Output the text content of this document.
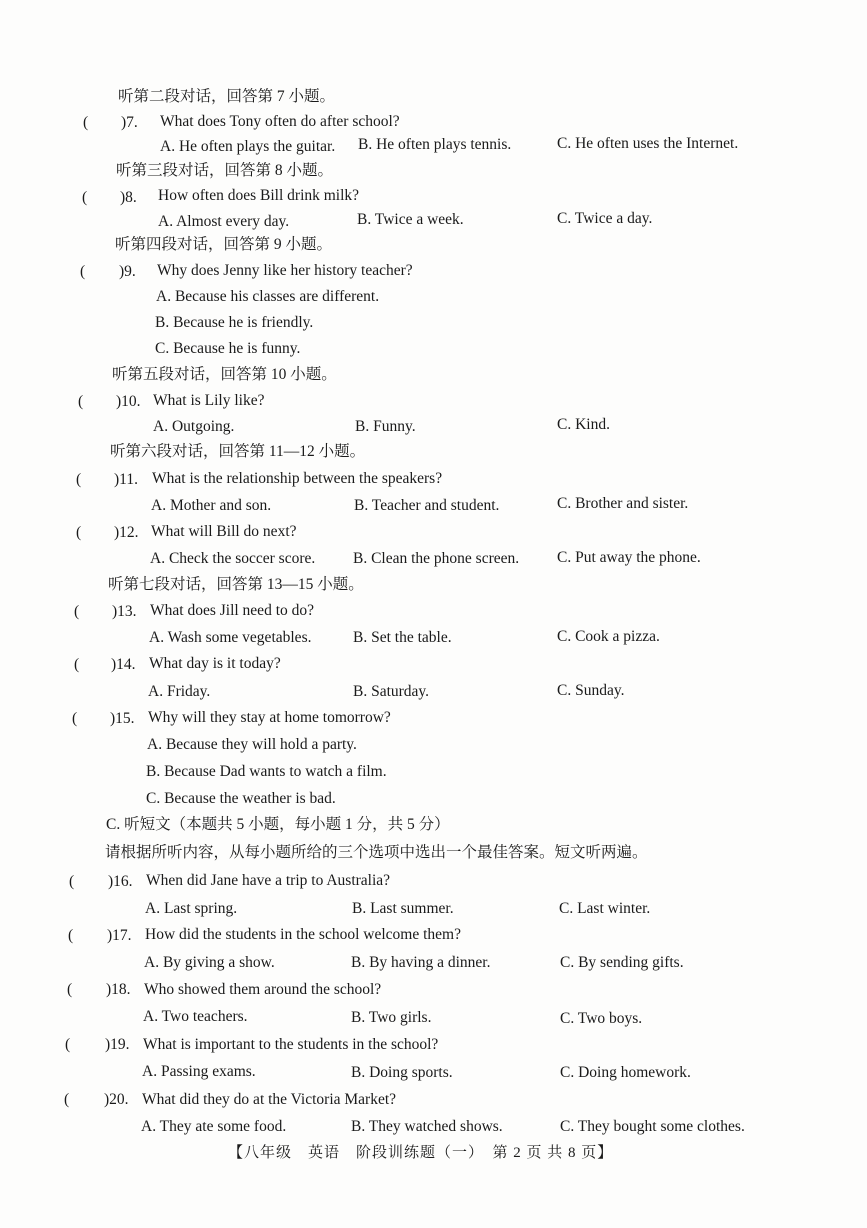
听第二段对话，回答第 7 小题。
( )7. What does Tony often do after school?
A. He often plays the guitar. B. He often plays tennis.	C. He often uses the Internet.
听第三段对话，回答第 8 小题。
( )8. How often does Bill drink milk?
A. Almost every day.	B. Twice a week.	C. Twice a day.
听第四段对话，回答第 9 小题。
( )9. Why does Jenny like her history teacher?
A. Because his classes are different.
B. Because he is friendly.
C. Because he is funny.
听第五段对话，回答第 10 小题。
( )10. What is Lily like?
A. Outgoing.	B. Funny.	C. Kind.
听第六段对话，回答第 11—12 小题。
( )11. What is the relationship between the speakers?
A. Mother and son.	B. Teacher and student.	C. Brother and sister.
( )12. What will Bill do next?
A. Check the soccer score. B. Clean the phone screen. C. Put away the phone.
听第七段对话，回答第 13—15 小题。
( )13. What does Jill need to do?
A. Wash some vegetables.	B. Set the table.	C. Cook a pizza.
( )14. What day is it today?
A. Friday.	B. Saturday.	C. Sunday.
( )15. Why will they stay at home tomorrow?
A. Because they will hold a party.
B. Because Dad wants to watch a film.
C. Because the weather is bad.
C. 听短文（本题共 5 小题，每小题 1 分，共 5 分）
请根据所听内容，从每小题所给的三个选项中选出一个最佳答案。短文听两遍。
( )16. When did Jane have a trip to Australia?
A. Last spring.	B. Last summer.	C. Last winter.
( )17. How did the students in the school welcome them?
A. By giving a show.	B. By having a dinner.	C. By sending gifts.
( )18. Who showed them around the school?
A. Two teachers.	B. Two girls.	C. Two boys.
( )19. What is important to the students in the school?
A. Passing exams.	B. Doing sports.	C. Doing homework.
( )20. What did they do at the Victoria Market?
A. They ate some food.	B. They watched shows.	C. They bought some clothes.
【八年级　英语　阶段训练题（一）　第 2 页 共 8 页】
